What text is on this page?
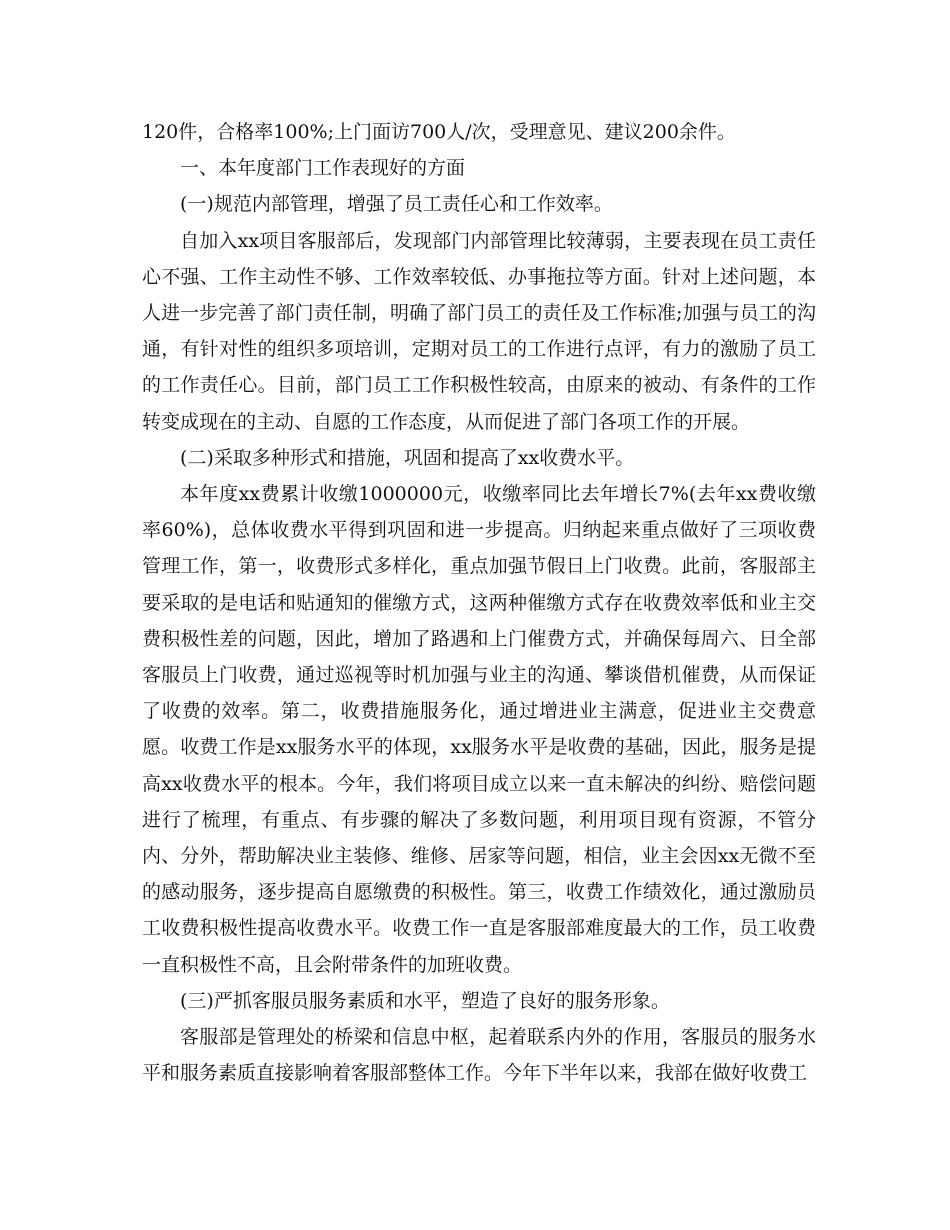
120件，合格率100%;上门面访700人/次，受理意见、建议200余件。

一、本年度部门工作表现好的方面

(一)规范内部管理，增强了员工责任心和工作效率。

自加入xx项目客服部后，发现部门内部管理比较薄弱，主要表现在员工责任心不强、工作主动性不够、工作效率较低、办事拖拉等方面。针对上述问题，本人进一步完善了部门责任制，明确了部门员工的责任及工作标准;加强与员工的沟通，有针对性的组织多项培训，定期对员工的工作进行点评，有力的激励了员工的工作责任心。目前，部门员工工作积极性较高，由原来的被动、有条件的工作转变成现在的主动、自愿的工作态度，从而促进了部门各项工作的开展。

(二)采取多种形式和措施，巩固和提高了xx收费水平。

本年度xx费累计收缴1000000元，收缴率同比去年增长7%(去年xx费收缴率60%)，总体收费水平得到巩固和进一步提高。归纳起来重点做好了三项收费管理工作，第一，收费形式多样化，重点加强节假日上门收费。此前，客服部主要采取的是电话和贴通知的催缴方式，这两种催缴方式存在收费效率低和业主交费积极性差的问题，因此，增加了路遇和上门催费方式，并确保每周六、日全部客服员上门收费，通过巡视等时机加强与业主的沟通、攀谈借机催费，从而保证了收费的效率。第二，收费措施服务化，通过增进业主满意，促进业主交费意愿。收费工作是xx服务水平的体现，xx服务水平是收费的基础，因此，服务是提高xx收费水平的根本。今年，我们将项目成立以来一直未解决的纠纷、赔偿问题进行了梳理，有重点、有步骤的解决了多数问题，利用项目现有资源，不管分内、分外，帮助解决业主装修、维修、居家等问题，相信，业主会因xx无微不至的感动服务，逐步提高自愿缴费的积极性。第三，收费工作绩效化，通过激励员工收费积极性提高收费水平。收费工作一直是客服部难度最大的工作，员工收费一直积极性不高，且会附带条件的加班收费。

(三)严抓客服员服务素质和水平，塑造了良好的服务形象。

客服部是管理处的桥梁和信息中枢，起着联系内外的作用，客服员的服务水平和服务素质直接影响着客服部整体工作。今年下半年以来，我部在做好收费工
